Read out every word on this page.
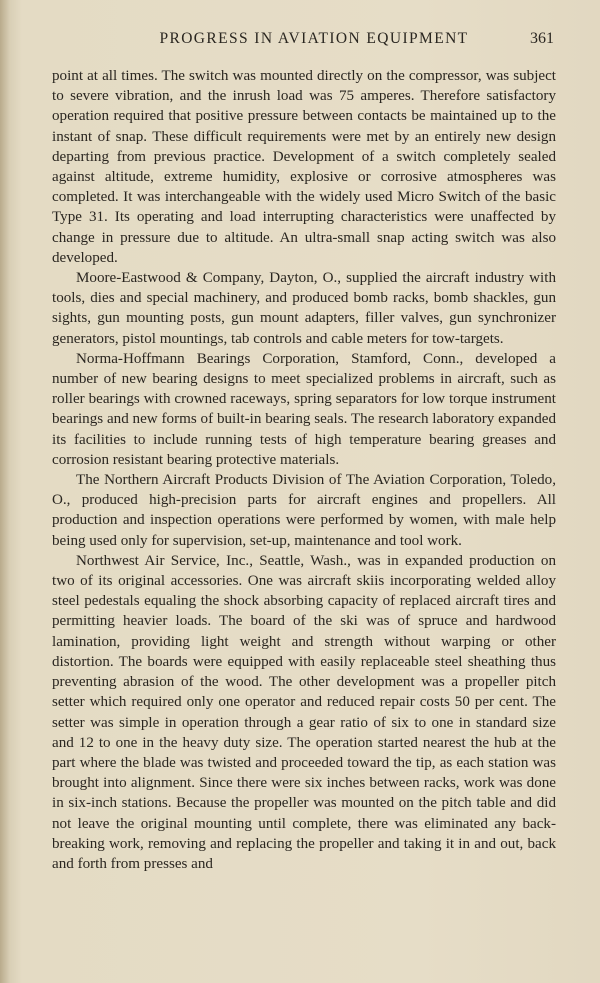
PROGRESS IN AVIATION EQUIPMENT	361

point at all times. The switch was mounted directly on the compressor, was subject to severe vibration, and the inrush load was 75 amperes. Therefore satisfactory operation required that positive pressure between contacts be maintained up to the instant of snap. These difficult requirements were met by an entirely new design departing from previous practice. Development of a switch completely sealed against altitude, extreme humidity, explosive or corrosive atmospheres was completed. It was interchangeable with the widely used Micro Switch of the basic Type 31. Its operating and load interrupting characteristics were unaffected by change in pressure due to altitude. An ultra-small snap acting switch was also developed.

Moore-Eastwood & Company, Dayton, O., supplied the aircraft industry with tools, dies and special machinery, and produced bomb racks, bomb shackles, gun sights, gun mounting posts, gun mount adapters, filler valves, gun synchronizer generators, pistol mountings, tab controls and cable meters for tow-targets.

Norma-Hoffmann Bearings Corporation, Stamford, Conn., developed a number of new bearing designs to meet specialized problems in aircraft, such as roller bearings with crowned raceways, spring separators for low torque instrument bearings and new forms of built-in bearing seals. The research laboratory expanded its facilities to include running tests of high temperature bearing greases and corrosion resistant bearing protective materials.

The Northern Aircraft Products Division of The Aviation Corporation, Toledo, O., produced high-precision parts for aircraft engines and propellers. All production and inspection operations were performed by women, with male help being used only for supervision, set-up, maintenance and tool work.

Northwest Air Service, Inc., Seattle, Wash., was in expanded production on two of its original accessories. One was aircraft skiis incorporating welded alloy steel pedestals equaling the shock absorbing capacity of replaced aircraft tires and permitting heavier loads. The board of the ski was of spruce and hardwood lamination, providing light weight and strength without warping or other distortion. The boards were equipped with easily replaceable steel sheathing thus preventing abrasion of the wood. The other development was a propeller pitch setter which required only one operator and reduced repair costs 50 per cent. The setter was simple in operation through a gear ratio of six to one in standard size and 12 to one in the heavy duty size. The operation started nearest the hub at the part where the blade was twisted and proceeded toward the tip, as each station was brought into alignment. Since there were six inches between racks, work was done in six-inch stations. Because the propeller was mounted on the pitch table and did not leave the original mounting until complete, there was eliminated any back-breaking work, removing and replacing the propeller and taking it in and out, back and forth from presses and
